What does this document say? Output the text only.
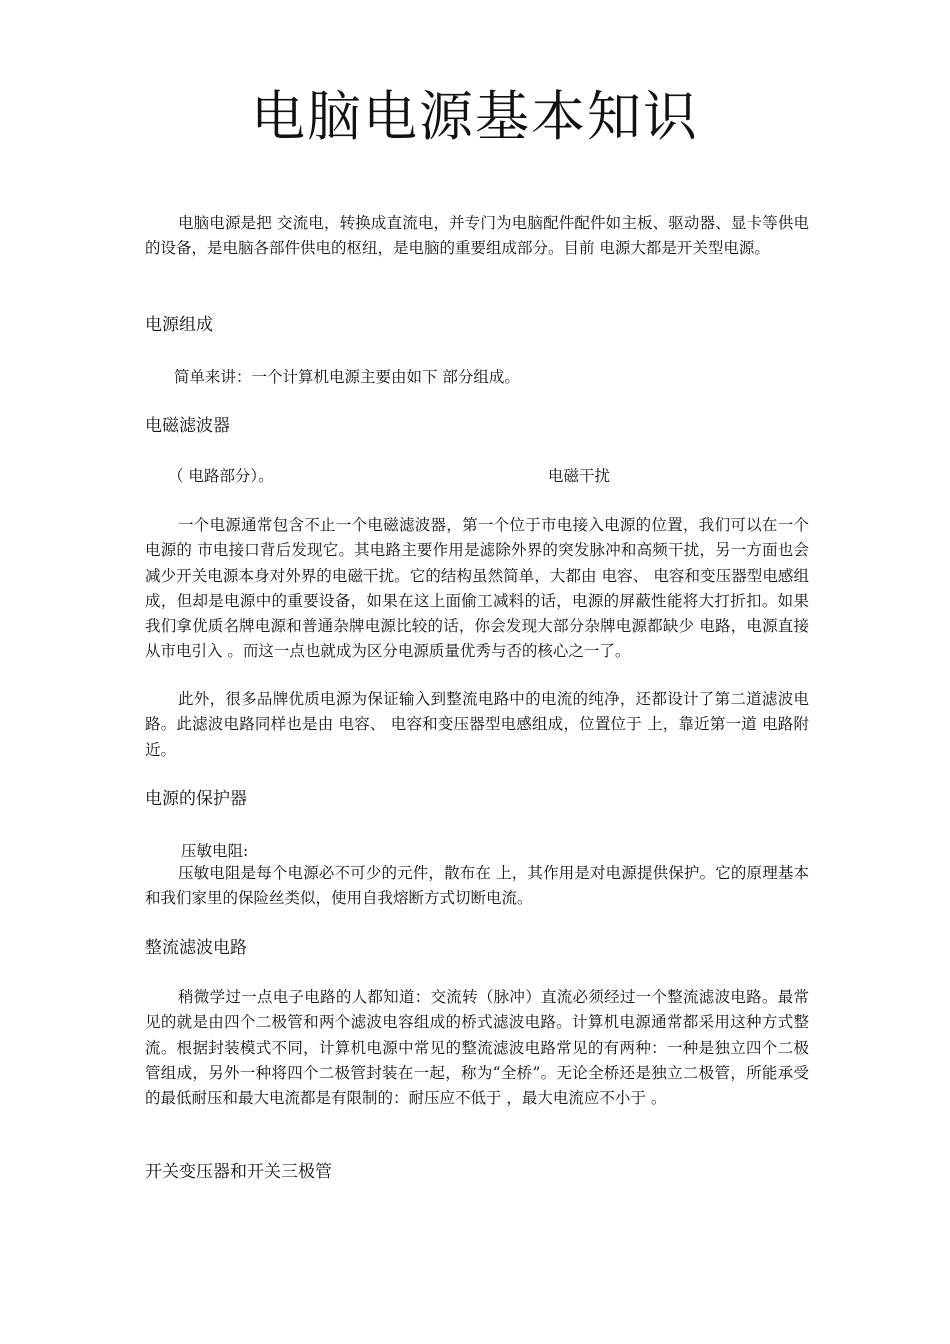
电脑电源基本知识

电脑电源是把 交流电，转换成直流电，并专门为电脑配件配件如主板、驱动器、显卡等供电的设备，是电脑各部件供电的枢纽，是电脑的重要组成部分。目前 电源大都是开关型电源。

电源组成
简单来讲：一个计算机电源主要由如下 部分组成。
电磁滤波器
（ 电路部分）。	电磁干扰

一个电源通常包含不止一个电磁滤波器，第一个位于市电接入电源的位置，我们可以在一个电源的 市电接口背后发现它。其电路主要作用是滤除外界的突发脉冲和高频干扰，另一方面也会减少开关电源本身对外界的电磁干扰。它的结构虽然简单，大都由 电容、 电容和变压器型电感组成，但却是电源中的重要设备，如果在这上面偷工减料的话，电源的屏蔽性能将大打折扣。如果我们拿优质名牌电源和普通杂牌电源比较的话，你会发现大部分杂牌电源都缺少 电路，电源直接从市电引入 。而这一点也就成为区分电源质量优秀与否的核心之一了。

此外，很多品牌优质电源为保证输入到整流电路中的电流的纯净，还都设计了第二道滤波电路。此滤波电路同样也是由 电容、 电容和变压器型电感组成，位置位于 上，靠近第一道 电路附近。

电源的保护器
压敏电阻:

压敏电阻是每个电源必不可少的元件，散布在 上，其作用是对电源提供保护。它的原理基本和我们家里的保险丝类似，使用自我熔断方式切断电流。

整流滤波电路

稍微学过一点电子电路的人都知道：交流转（脉冲）直流必须经过一个整流滤波电路。最常见的就是由四个二极管和两个滤波电容组成的桥式滤波电路。计算机电源通常都采用这种方式整流。根据封装模式不同，计算机电源中常见的整流滤波电路常见的有两种：一种是独立四个二极管组成，另外一种将四个二极管封装在一起，称为“全桥”。无论全桥还是独立二极管，所能承受的最低耐压和最大电流都是有限制的：耐压应不低于 ，最大电流应不小于 。

开关变压器和开关三极管
